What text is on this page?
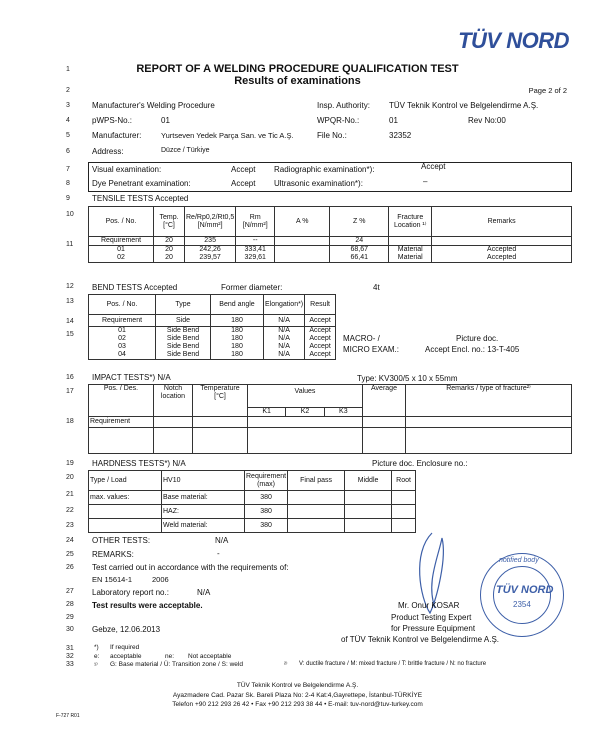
TÜV NORD
1
2
3
4
5
6
7
8
9
10
11
12
13
14
15
16
17
18
19
20
21
22
23
24
25
26
27
28
29
30
31
32
33
REPORT OF A WELDING PROCEDURE QUALIFICATION TEST
Results of examinations
Page 2 of 2
Manufacturer's Welding Procedure	Insp. Authority: TÜV Teknik Kontrol ve Belgelendirme A.Ş.
pWPS-No.:	01	WPQR-No.:	01	Rev No:00
Manufacturer:	Yurtseven Yedek Parça San. ve Tic A.Ş.	File No.:	32352
Address:	Düzce / Türkiye
Visual examination:	Accept Radiographic examination*):	Accept
Dye Penetrant examination:	Accept Ultrasonic examination*):	–
TENSILE TESTS Accepted
Pos. / No.	Temp. [°C]	Re/Rp0,2/Rt0,5 [N/mm²]	Rm [N/mm²]	A %	Z %	Fracture Location ¹⁾	Remarks
Requirement	20	235	--		24		
01	20	242,26	333,41		68,67	Material	Accepted
02	20	239,57	329,61		66,41	Material	Accepted
BEND TESTS Accepted	Former diameter:	4t
Pos. / No.	Type	Bend angle	Elongation*)	Result
Requirement	Side	180	N/A	Accept
01	Side Bend	180	N/A	Accept
02	Side Bend	180	N/A	Accept
03	Side Bend	180	N/A	Accept
04	Side Bend	180	N/A	Accept
MACRO- /
MICRO EXAM.:
Picture doc.
Accept Encl. no.: 13-T-405
IMPACT TESTS*) N/A	Type: KV300/5 x 10 x 55mm
Pos. / Des.	Notch location	Temperature [°C]	Values
K1 K2 K3	Average	Remarks / type of fracture²⁾
Requirement					

HARDNESS TESTS*) N/A	Picture doc. Enclosure no.:
Type / Load	HV10	Requirement (max)	Final pass	Middle	Root
max. values:	Base material:	380			
	HAZ:	380			
	Weld material:	380			
OTHER TESTS:	N/A
REMARKS:	-
Test carried out in accordance with the requirements of:
EN 15614-1	2006
Laboratory report no.:	N/A
Test results were acceptable.
Gebze, 12.06.2013
Mr. Onur KOSAR
Product Testing Expert
for Pressure Equipment
of TÜV Teknik Kontrol ve Belgelendirme A.Ş.
notified body
TÜV NORD
2354
*) If required
e: acceptable	ne: Not acceptable
¹⁾ G: Base material / Ü: Transition zone / S: weld	²⁾ V: ductile fracture / M: mixed fracture / T: brittle fracture / N: no fracture
TÜV Teknik Kontrol ve Belgelendirme A.Ş.
Ayazmadere Cad. Pazar Sk. Bareli Plaza No: 2-4 Kat:4,Gayrettepe, İstanbul-TÜRKİYE
Telefon +90 212 293 26 42 • Fax +90 212 293 38 44 • E-mail: tuv-nord@tuv-turkey.com
F-727 R01
